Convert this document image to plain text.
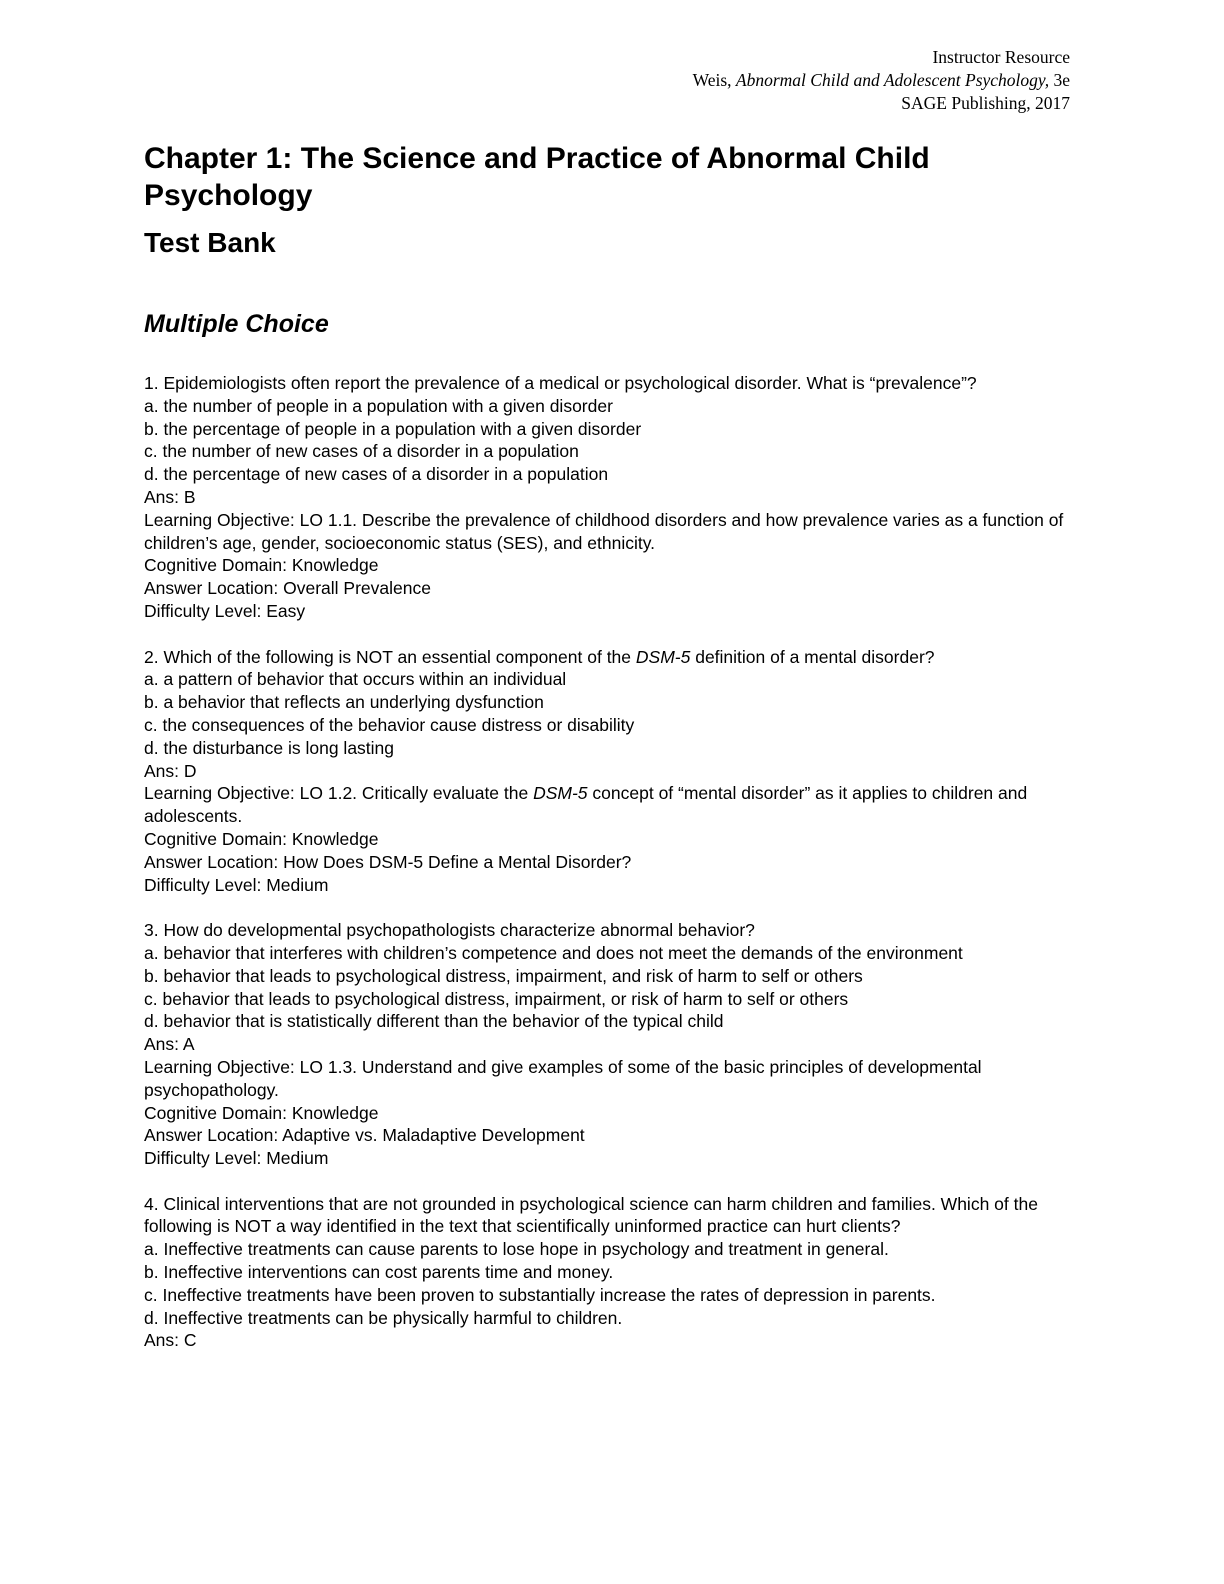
Instructor Resource
Weis, Abnormal Child and Adolescent Psychology, 3e
SAGE Publishing, 2017
Chapter 1: The Science and Practice of Abnormal Child Psychology
Test Bank
Multiple Choice

1. Epidemiologists often report the prevalence of a medical or psychological disorder. What is “prevalence”?

a. the number of people in a population with a given disorder

b. the percentage of people in a population with a given disorder

c. the number of new cases of a disorder in a population

d. the percentage of new cases of a disorder in a population

Ans: B

Learning Objective: LO 1.1. Describe the prevalence of childhood disorders and how prevalence varies as a function of children’s age, gender, socioeconomic status (SES), and ethnicity.

Cognitive Domain: Knowledge

Answer Location: Overall Prevalence

Difficulty Level: Easy

2. Which of the following is NOT an essential component of the DSM-5 definition of a mental disorder?

a. a pattern of behavior that occurs within an individual

b. a behavior that reflects an underlying dysfunction

c. the consequences of the behavior cause distress or disability

d. the disturbance is long lasting

Ans: D

Learning Objective: LO 1.2. Critically evaluate the DSM-5 concept of “mental disorder” as it applies to children and adolescents.

Cognitive Domain: Knowledge

Answer Location: How Does DSM-5 Define a Mental Disorder?

Difficulty Level: Medium

3. How do developmental psychopathologists characterize abnormal behavior?

a. behavior that interferes with children’s competence and does not meet the demands of the environment

b. behavior that leads to psychological distress, impairment, and risk of harm to self or others

c. behavior that leads to psychological distress, impairment, or risk of harm to self or others

d. behavior that is statistically different than the behavior of the typical child

Ans: A

Learning Objective: LO 1.3. Understand and give examples of some of the basic principles of developmental psychopathology.

Cognitive Domain: Knowledge

Answer Location: Adaptive vs. Maladaptive Development

Difficulty Level: Medium

4. Clinical interventions that are not grounded in psychological science can harm children and families. Which of the following is NOT a way identified in the text that scientifically uninformed practice can hurt clients?

a. Ineffective treatments can cause parents to lose hope in psychology and treatment in general.

b. Ineffective interventions can cost parents time and money.

c. Ineffective treatments have been proven to substantially increase the rates of depression in parents.

d. Ineffective treatments can be physically harmful to children.

Ans: C
